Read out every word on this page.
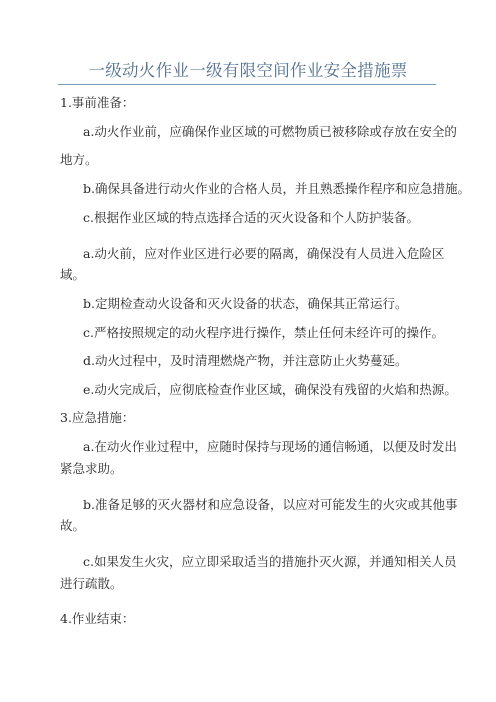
一级动火作业一级有限空间作业安全措施票
1.事前准备：
a.动火作业前，应确保作业区域的可燃物质已被移除或存放在安全的
地方。
b.确保具备进行动火作业的合格人员，并且熟悉操作程序和应急措施。
c.根据作业区域的特点选择合适的灭火设备和个人防护装备。
a.动火前，应对作业区进行必要的隔离，确保没有人员进入危险区
域。
b.定期检查动火设备和灭火设备的状态，确保其正常运行。
c.严格按照规定的动火程序进行操作，禁止任何未经许可的操作。
d.动火过程中，及时清理燃烧产物，并注意防止火势蔓延。
e.动火完成后，应彻底检查作业区域，确保没有残留的火焰和热源。
3.应急措施：
a.在动火作业过程中，应随时保持与现场的通信畅通，以便及时发出
紧急求助。
b.准备足够的灭火器材和应急设备，以应对可能发生的火灾或其他事
故。
c.如果发生火灾，应立即采取适当的措施扑灭火源，并通知相关人员
进行疏散。
4.作业结束：
